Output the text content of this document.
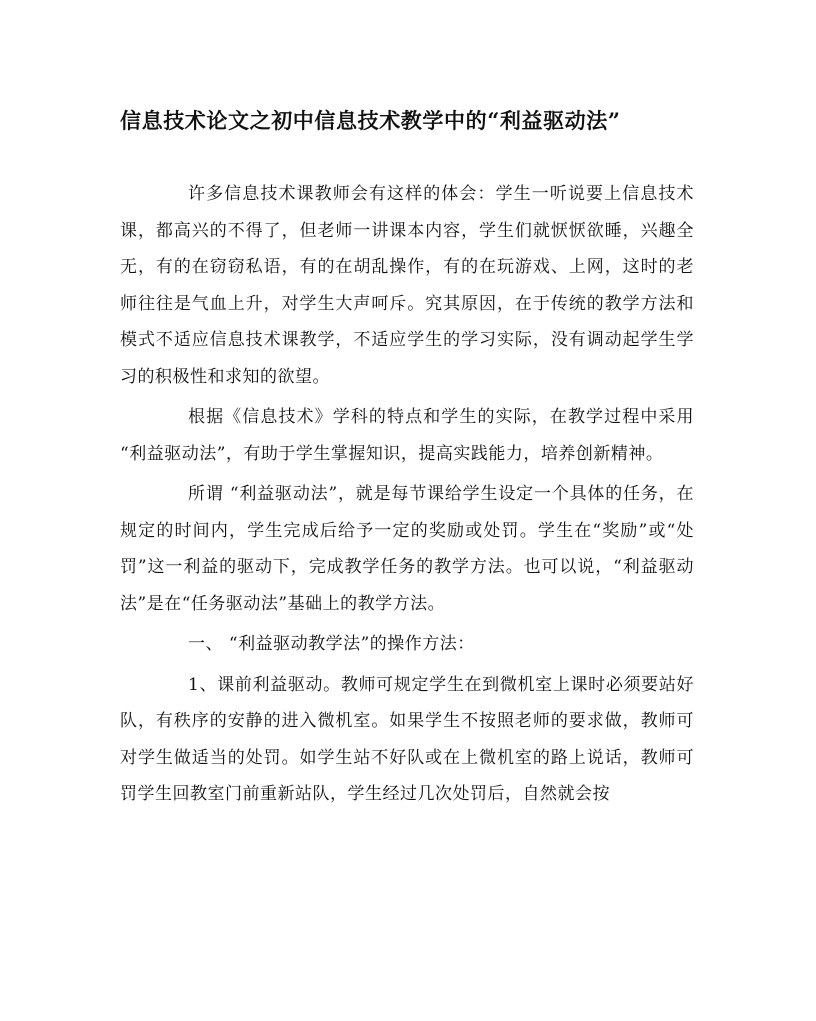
信息技术论文之初中信息技术教学中的“利益驱动法”

许多信息技术课教师会有这样的体会：学生一听说要上信息技术课，都高兴的不得了，但老师一讲课本内容，学生们就恹恹欲睡，兴趣全无，有的在窃窃私语，有的在胡乱操作，有的在玩游戏、上网，这时的老师往往是气血上升，对学生大声呵斥。究其原因，在于传统的教学方法和模式不适应信息技术课教学，不适应学生的学习实际，没有调动起学生学习的积极性和求知的欲望。

根据《信息技术》学科的特点和学生的实际，在教学过程中采用 “利益驱动法”，有助于学生掌握知识，提高实践能力，培养创新精神。

所谓 “利益驱动法”，就是每节课给学生设定一个具体的任务，在规定的时间内，学生完成后给予一定的奖励或处罚。学生在“奖励”或“处罚”这一利益的驱动下，完成教学任务的教学方法。也可以说，“利益驱动法”是在“任务驱动法”基础上的教学方法。

一、 “利益驱动教学法”的操作方法：

1、课前利益驱动。教师可规定学生在到微机室上课时必须要站好队，有秩序的安静的进入微机室。如果学生不按照老师的要求做，教师可对学生做适当的处罚。如学生站不好队或在上微机室的路上说话，教师可罚学生回教室门前重新站队，学生经过几次处罚后，自然就会按
